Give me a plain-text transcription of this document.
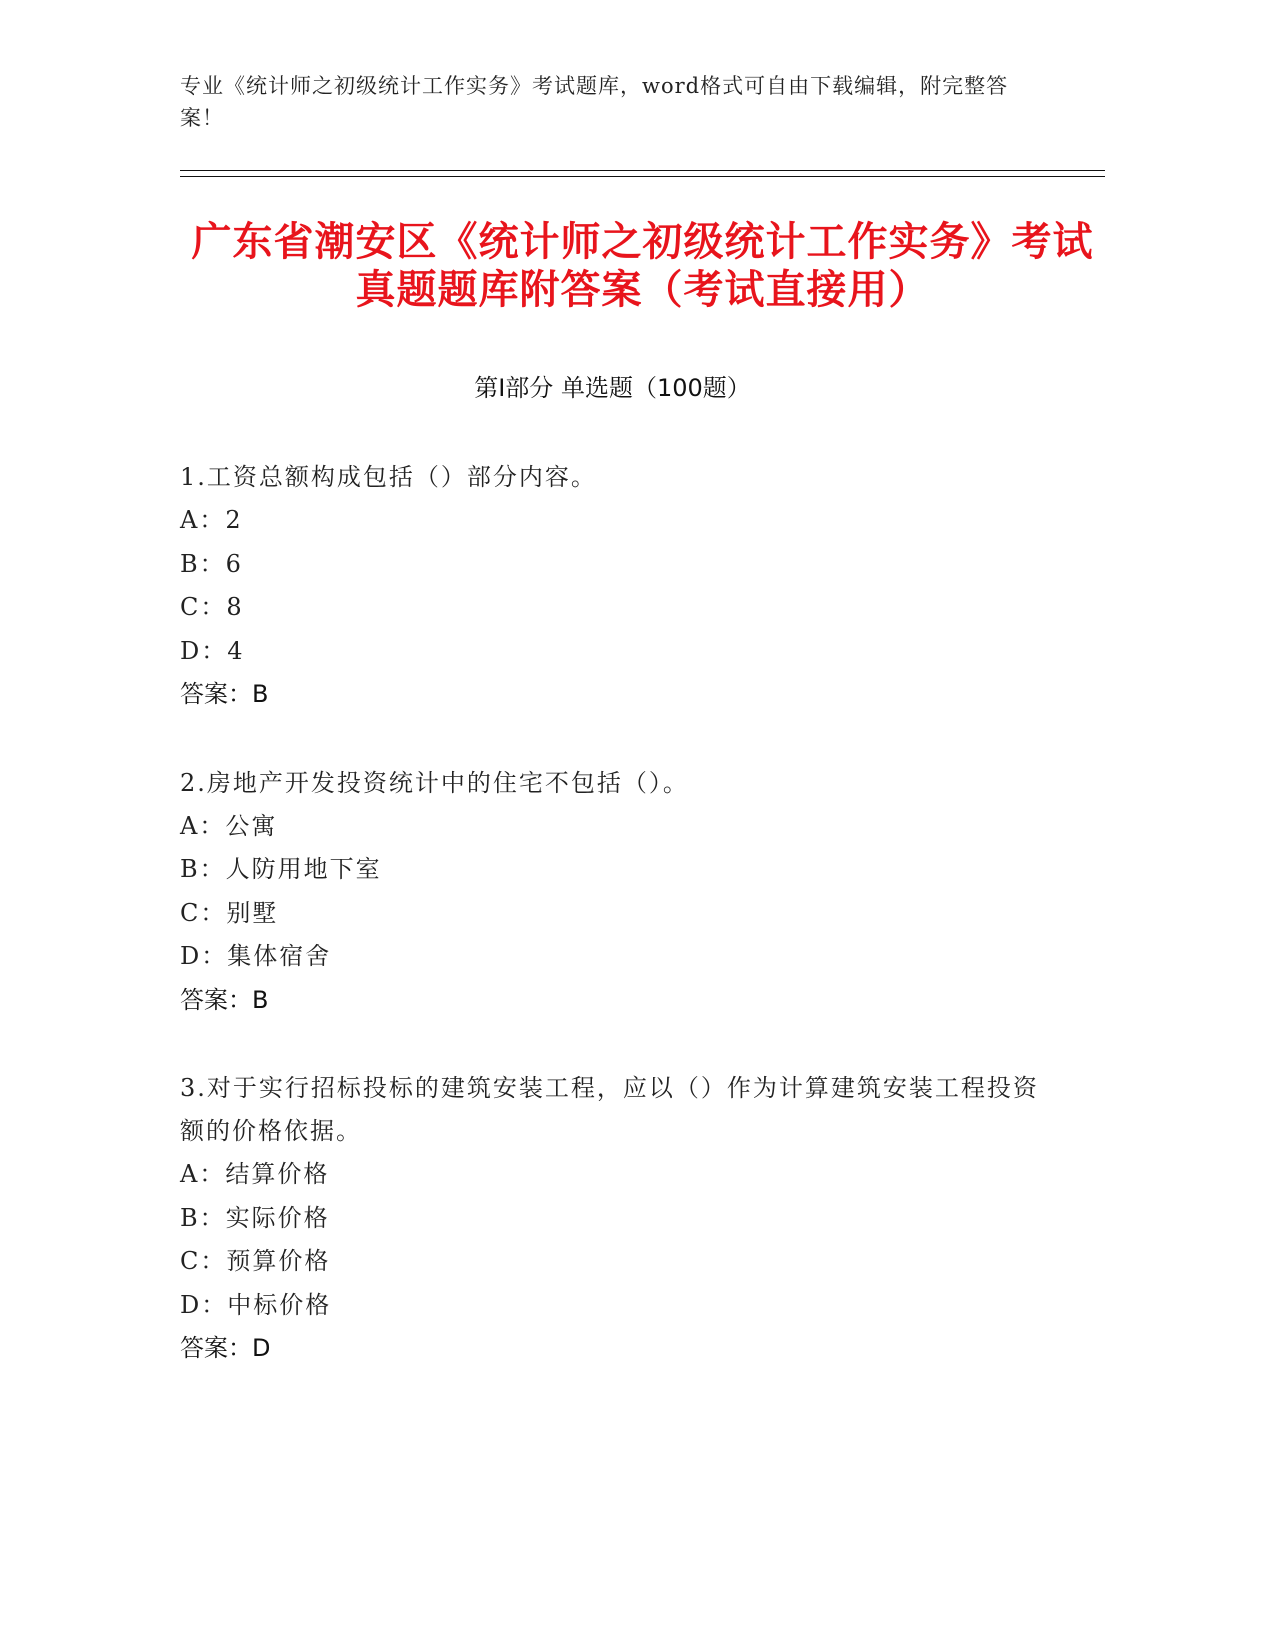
专业《统计师之初级统计工作实务》考试题库，word格式可自由下载编辑，附完整答案！
广东省潮安区《统计师之初级统计工作实务》考试真题题库附答案（考试直接用）
第I部分 单选题（100题）
1.工资总额构成包括（）部分内容。
A：2
B：6
C：8
D：4
答案：B
2.房地产开发投资统计中的住宅不包括（）。
A：公寓
B：人防用地下室
C：别墅
D：集体宿舍
答案：B
3.对于实行招标投标的建筑安装工程，应以（）作为计算建筑安装工程投资额的价格依据。
A：结算价格
B：实际价格
C：预算价格
D：中标价格
答案：D
